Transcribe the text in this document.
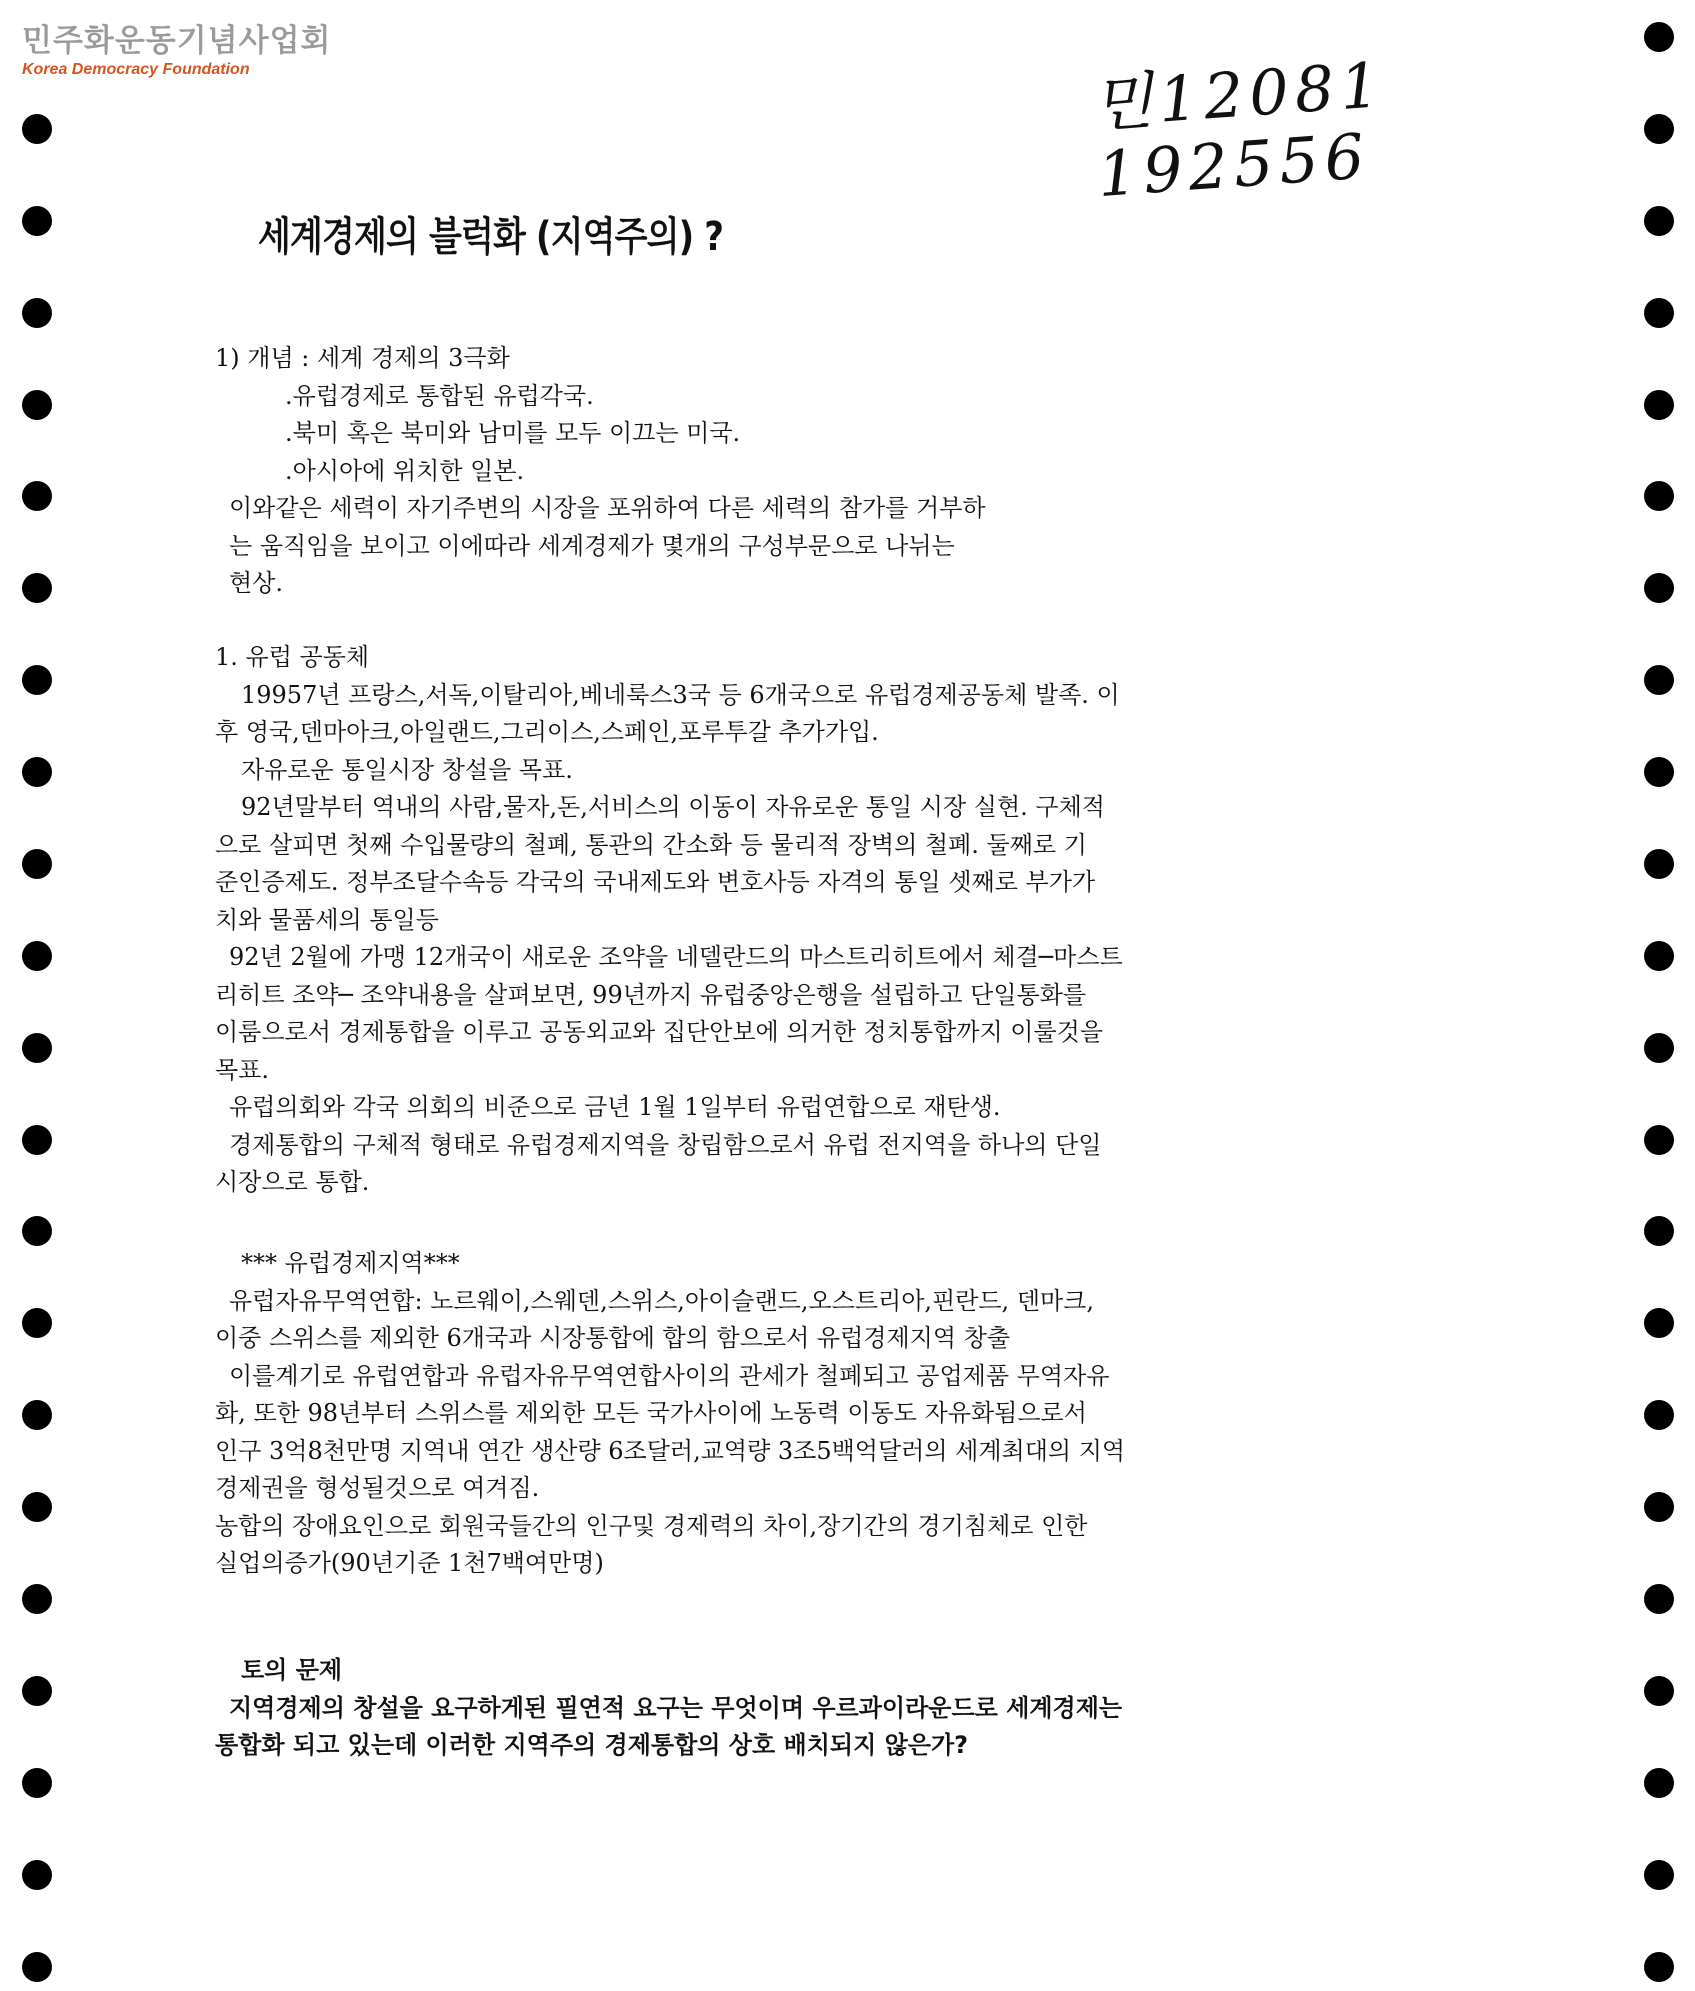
민주화운동기념사업회
Korea Democracy Foundation	민12081
192556
세계경제의 블럭화 (지역주의) ?
1) 개념 : 세계 경제의 3극화
.유럽경제로 통합된 유럽각국.
.북미 혹은 북미와 남미를 모두 이끄는 미국.
.아시아에 위치한 일본.
이와같은 세력이 자기주변의 시장을 포위하여 다른 세력의 참가를 거부하
는 움직임을 보이고 이에따라 세계경제가 몇개의 구성부문으로 나뉘는
현상.
1. 유럽 공동체
19957년 프랑스,서독,이탈리아,베네룩스3국 등 6개국으로 유럽경제공동체 발족. 이
후 영국,덴마아크,아일랜드,그리이스,스페인,포루투갈 추가가입.
자유로운 통일시장 창설을 목표.
92년말부터 역내의 사람,물자,돈,서비스의 이동이 자유로운 통일 시장 실현. 구체적
으로 살피면 첫째 수입물량의 철폐, 통관의 간소화 등 물리적 장벽의 철폐. 둘째로 기
준인증제도. 정부조달수속등 각국의 국내제도와 변호사등 자격의 통일 셋째로 부가가
치와 물품세의 통일등
92년 2월에 가맹 12개국이 새로운 조약을 네델란드의 마스트리히트에서 체결─마스트
리히트 조약─ 조약내용을 살펴보면, 99년까지 유럽중앙은행을 설립하고 단일통화를
이룸으로서 경제통합을 이루고 공동외교와 집단안보에 의거한 정치통합까지 이룰것을
목표.
유럽의회와 각국 의회의 비준으로 금년 1월 1일부터 유럽연합으로 재탄생.
경제통합의 구체적 형태로 유럽경제지역을 창립함으로서 유럽 전지역을 하나의 단일
시장으로 통합.
*** 유럽경제지역***
유럽자유무역연합: 노르웨이,스웨덴,스위스,아이슬랜드,오스트리아,핀란드, 덴마크,
이중 스위스를 제외한 6개국과 시장통합에 합의 함으로서 유럽경제지역 창출
이를계기로 유럽연합과 유럽자유무역연합사이의 관세가 철폐되고 공업제품 무역자유
화, 또한 98년부터 스위스를 제외한 모든 국가사이에 노동력 이동도 자유화됨으로서
인구 3억8천만명 지역내 연간 생산량 6조달러,교역량 3조5백억달러의 세계최대의 지역
경제권을 형성될것으로 여겨짐.
농합의 장애요인으로 회원국들간의 인구및 경제력의 차이,장기간의 경기침체로 인한
실업의증가(90년기준 1천7백여만명)
토의 문제
지역경제의 창설을 요구하게된 필연적 요구는 무엇이며 우르과이라운드로 세계경제는
통합화 되고 있는데 이러한 지역주의 경제통합의 상호 배치되지 않은가?
